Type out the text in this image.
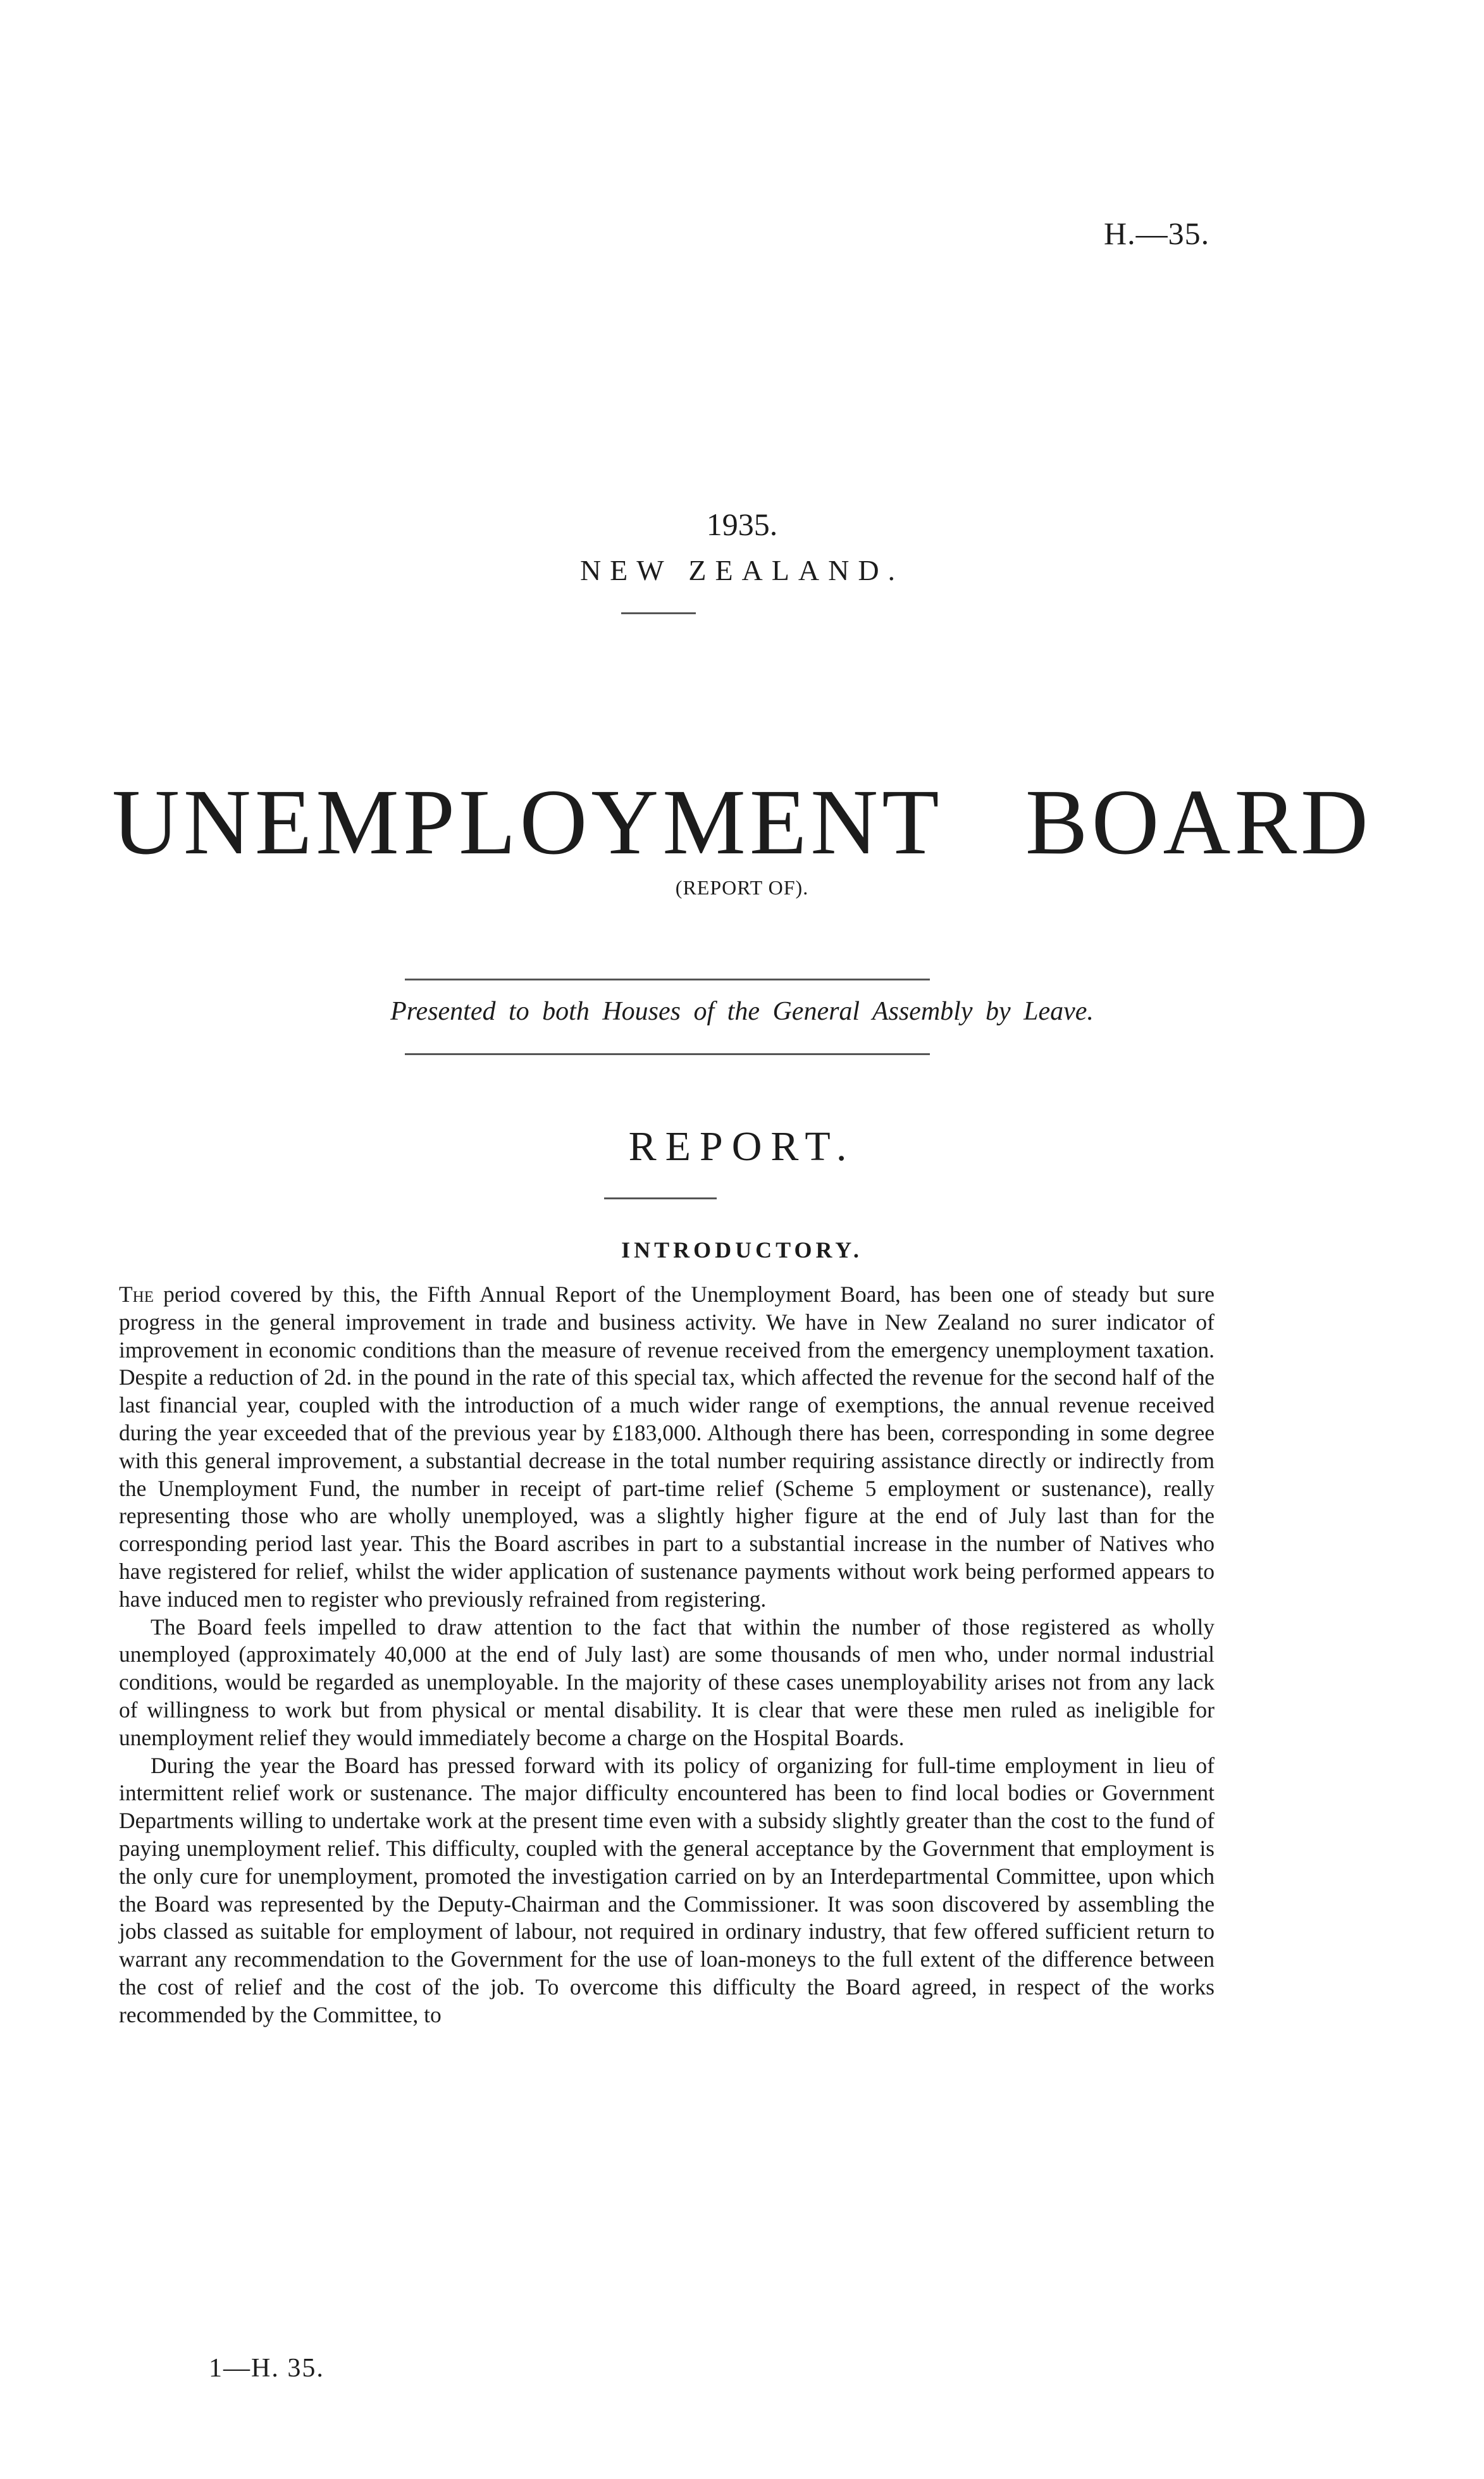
H.—35.
1935.
NEW ZEALAND.
UNEMPLOYMENT BOARD
(REPORT OF).
Presented to both Houses of the General Assembly by Leave.
REPORT.
INTRODUCTORY.

The period covered by this, the Fifth Annual Report of the Unemployment Board, has been one of steady but sure progress in the general improvement in trade and business activity. We have in New Zealand no surer indicator of improvement in economic conditions than the measure of revenue received from the emergency unemployment taxation. Despite a reduction of 2d. in the pound in the rate of this special tax, which affected the revenue for the second half of the last financial year, coupled with the introduction of a much wider range of exemptions, the annual revenue received during the year exceeded that of the previous year by £183,000. Although there has been, corresponding in some degree with this general improvement, a substantial decrease in the total number requiring assistance directly or indirectly from the Unemployment Fund, the number in receipt of part-time relief (Scheme 5 employment or sustenance), really representing those who are wholly unemployed, was a slightly higher figure at the end of July last than for the corresponding period last year. This the Board ascribes in part to a substantial increase in the number of Natives who have registered for relief, whilst the wider application of sustenance payments without work being performed appears to have induced men to register who previously refrained from registering.

The Board feels impelled to draw attention to the fact that within the number of those registered as wholly unemployed (approximately 40,000 at the end of July last) are some thousands of men who, under normal industrial conditions, would be regarded as unemployable. In the majority of these cases unemployability arises not from any lack of willingness to work but from physical or mental disability. It is clear that were these men ruled as ineligible for unemployment relief they would immediately become a charge on the Hospital Boards.

During the year the Board has pressed forward with its policy of organizing for full-time employment in lieu of intermittent relief work or sustenance. The major difficulty encountered has been to find local bodies or Government Departments willing to undertake work at the present time even with a subsidy slightly greater than the cost to the fund of paying unemployment relief. This difficulty, coupled with the general acceptance by the Government that employment is the only cure for unemployment, promoted the investigation carried on by an Interdepartmental Committee, upon which the Board was represented by the Deputy-Chairman and the Commissioner. It was soon discovered by assembling the jobs classed as suitable for employment of labour, not required in ordinary industry, that few offered sufficient return to warrant any recommendation to the Government for the use of loan-moneys to the full extent of the difference between the cost of relief and the cost of the job. To overcome this difficulty the Board agreed, in respect of the works recommended by the Committee, to

1—H. 35.
